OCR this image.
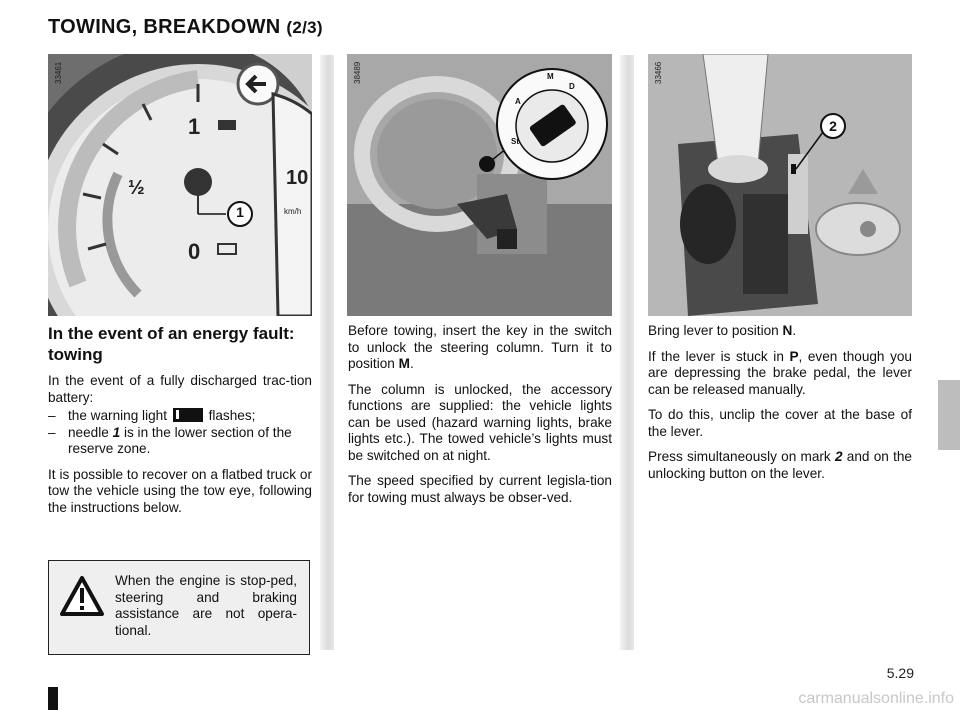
TOWING, BREAKDOWN (2/3)
1
½
0
10
km/h
33461
1
A
M
D
St
38489	33466
2
In the event of an energy fault: towing

In the event of a fully discharged trac-tion battery:

– the warning light	flashes;
– needle 1 is in the lower section of the reserve zone.

It is possible to recover on a flatbed truck or tow the vehicle using the tow eye, following the instructions below.

When the engine is stop-ped, steering and braking assistance are not opera-tional.

Before towing, insert the key in the switch to unlock the steering column. Turn it to position M.

The column is unlocked, the accessory functions are supplied: the vehicle lights can be used (hazard warning lights, brake lights etc.). The towed vehicle’s lights must be switched on at night.

The speed specified by current legisla-tion for towing must always be obser-ved.

Bring lever to position N.

If the lever is stuck in P, even though you are depressing the brake pedal, the lever can be released manually.

To do this, unclip the cover at the base of the lever.

Press simultaneously on mark 2 and on the unlocking button on the lever.

5.29
carmanualsonline.info
